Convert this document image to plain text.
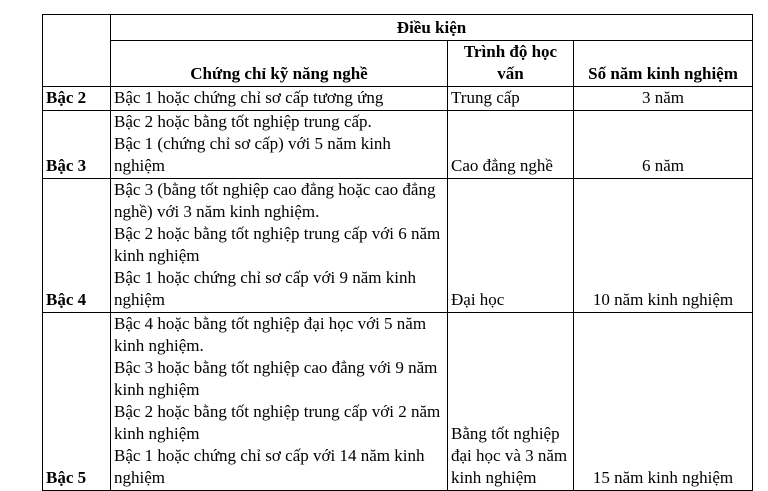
	Điều kiện		
	Chứng chỉ kỹ năng nghề	Trình độ học vấn	Số năm kinh nghiệm
Bậc 2	Bậc 1 hoặc chứng chỉ sơ cấp tương ứng	Trung cấp	3 năm
Bậc 3	Bậc 2 hoặc bằng tốt nghiệp trung cấp.
Bậc 1 (chứng chỉ sơ cấp) với 5 năm kinh nghiệm	Cao đẳng nghề	6 năm
Bậc 4	Bậc 3 (bằng tốt nghiệp cao đẳng hoặc cao đẳng nghề) với 3 năm kinh nghiệm.
Bậc 2 hoặc bằng tốt nghiệp trung cấp với 6 năm kinh nghiệm
Bậc 1 hoặc chứng chỉ sơ cấp với 9 năm kinh nghiệm	Đại học	10 năm kinh nghiệm
Bậc 5	Bậc 4 hoặc bằng tốt nghiệp đại học với 5 năm kinh nghiệm.
Bậc 3 hoặc bằng tốt nghiệp cao đẳng với 9 năm kinh nghiệm
Bậc 2 hoặc bằng tốt nghiệp trung cấp với 2 năm kinh nghiệm
Bậc 1 hoặc chứng chỉ sơ cấp với 14 năm kinh nghiệm	Bằng tốt nghiệp đại học và 3 năm kinh nghiệm	15 năm kinh nghiệm
